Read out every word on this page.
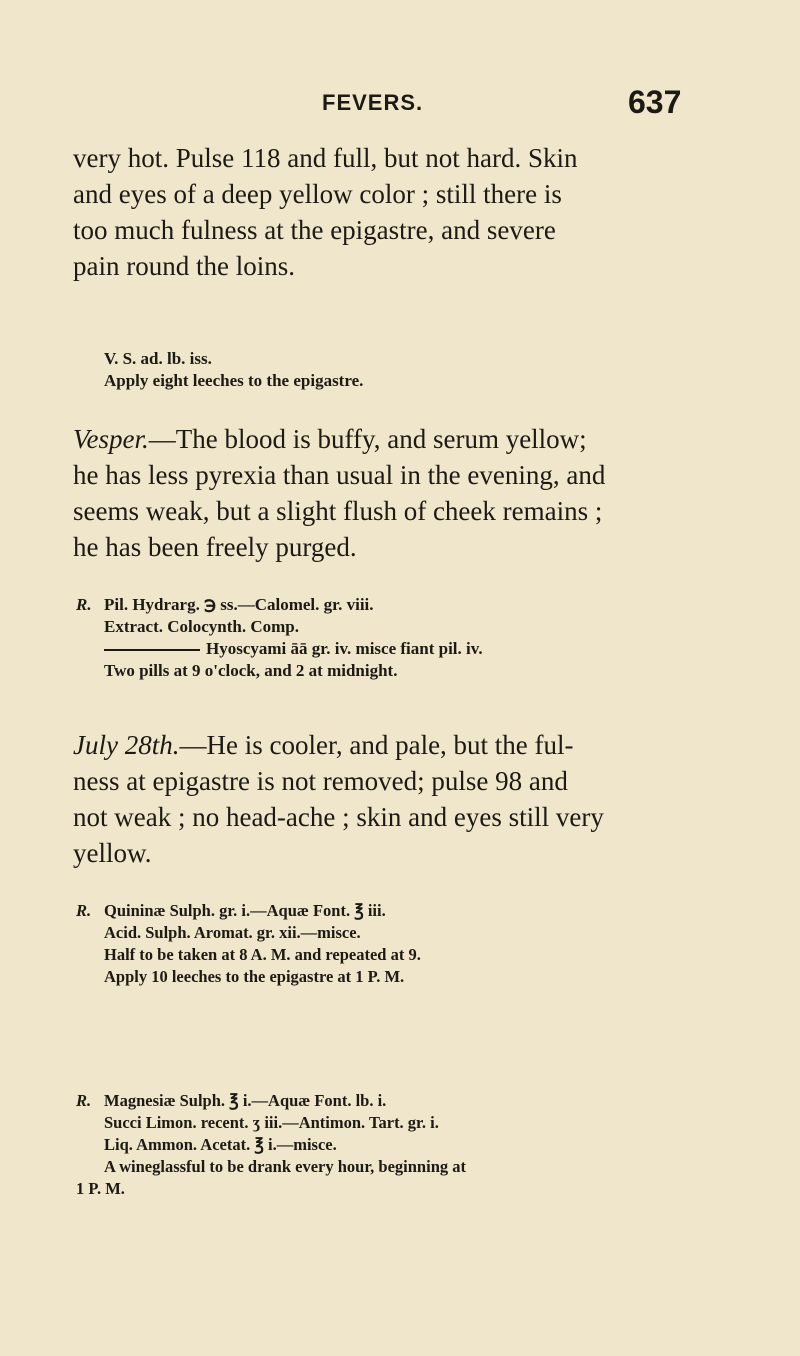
FEVERS.	637
very hot. Pulse 118 and full, but not hard. Skin
and eyes of a deep yellow color ; still there is
too much fulness at the epigastre, and severe
pain round the loins.
V. S. ad. lb. iss.
Apply eight leeches to the epigastre.
Vesper.—The blood is buffy, and serum yellow;
he has less pyrexia than usual in the evening, and
seems weak, but a slight flush of cheek remains ;
he has been freely purged.
R. Pil. Hydrarg. ℈ ss.—Calomel. gr. viii.
Extract. Colocynth. Comp.
Hyoscyami āā gr. iv. misce fiant pil. iv.
Two pills at 9 o'clock, and 2 at midnight.
July 28th.—He is cooler, and pale, but the ful-
ness at epigastre is not removed; pulse 98 and
not weak ; no head-ache ; skin and eyes still very
yellow.
R. Quininæ Sulph. gr. i.—Aquæ Font. ℥ iii.
Acid. Sulph. Aromat. gr. xii.—misce.
Half to be taken at 8 A. M. and repeated at 9.
Apply 10 leeches to the epigastre at 1 P. M.
R. Magnesiæ Sulph. ℥ i.—Aquæ Font. lb. i.
Succi Limon. recent. ʒ iii.—Antimon. Tart. gr. i.
Liq. Ammon. Acetat. ℥ i.—misce.
A wineglassful to be drank every hour, beginning at
1 P. M.
